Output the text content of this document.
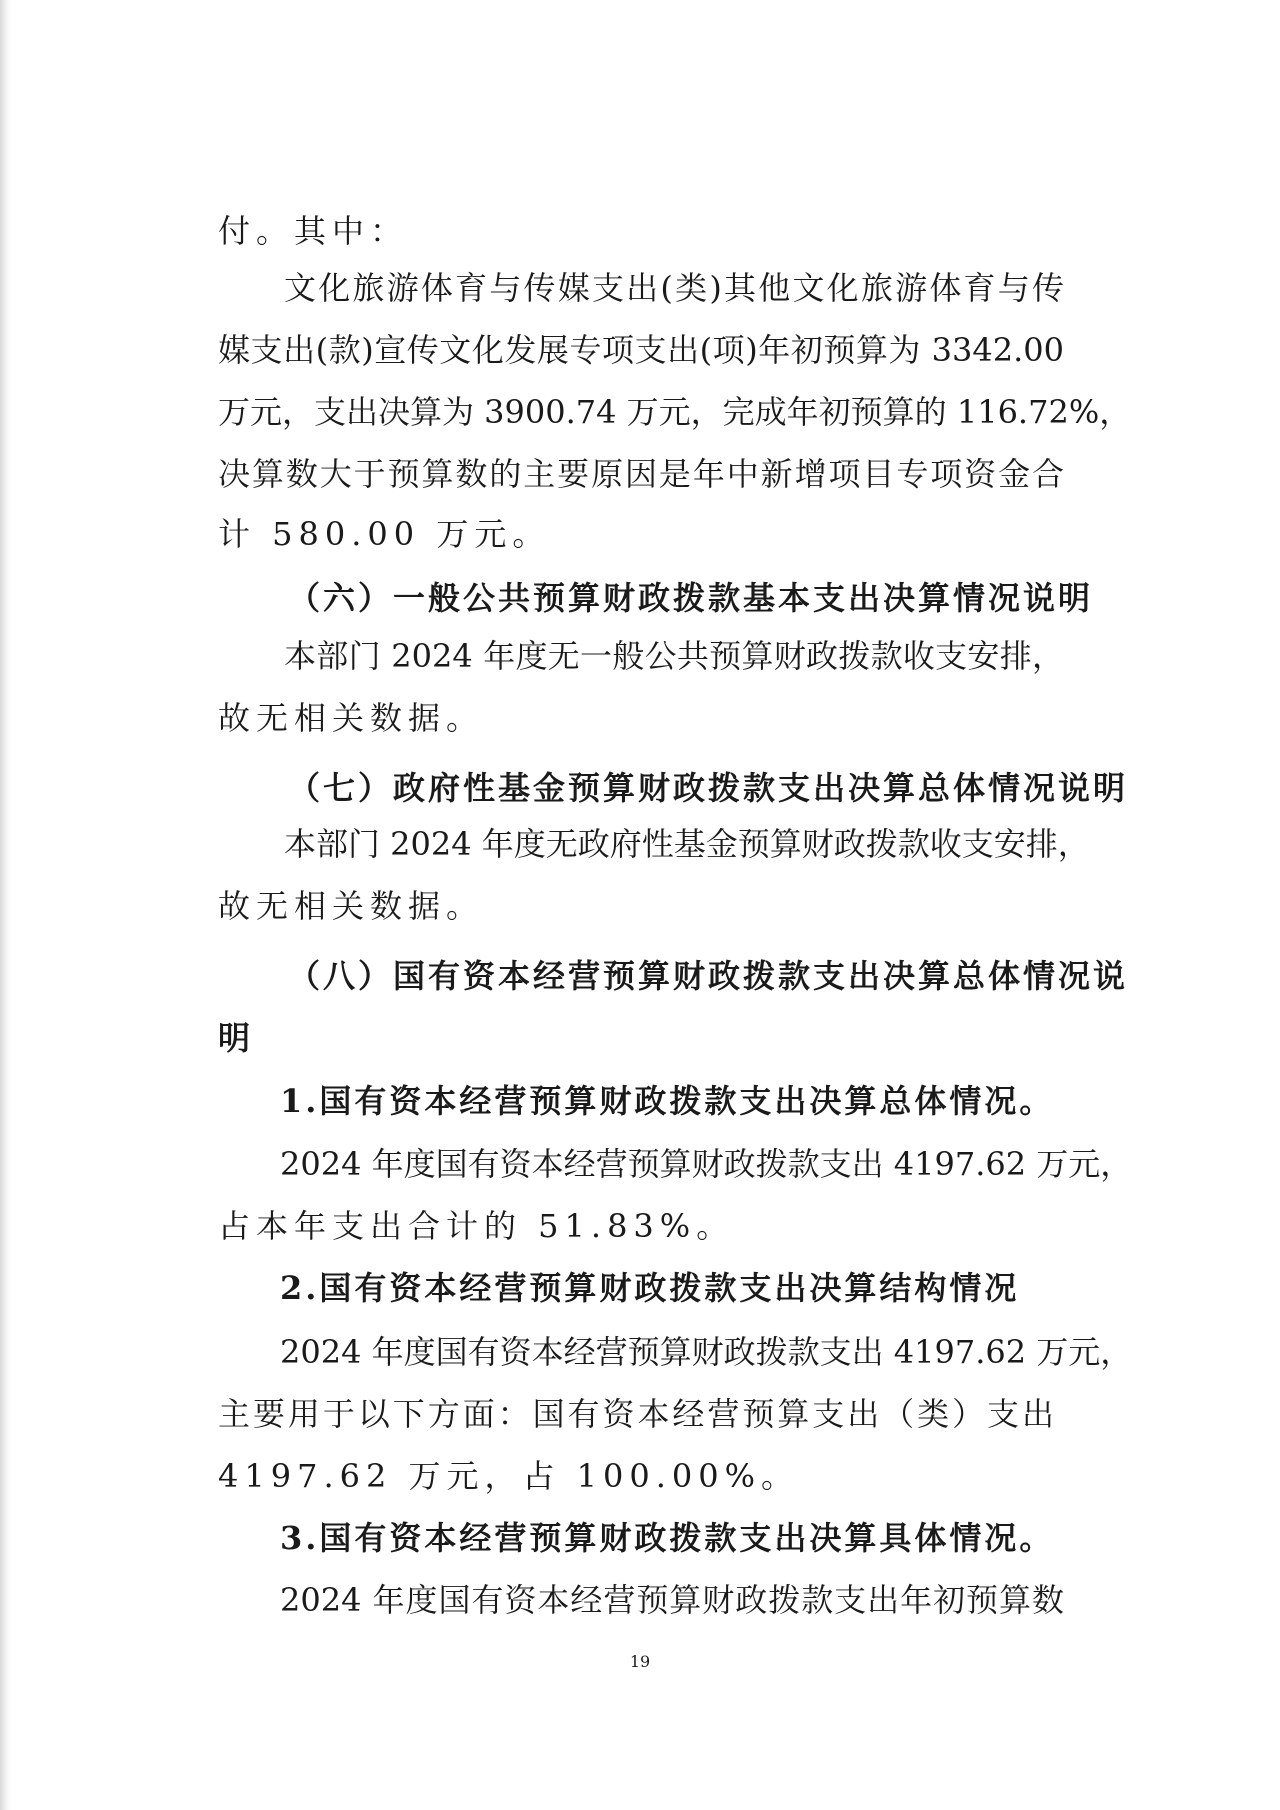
付。其中：
文化旅游体育与传媒支出(类)其他文化旅游体育与传
媒支出(款)宣传文化发展专项支出(项)年初预算为 3342.00
万元，支出决算为 3900.74 万元，完成年初预算的 116.72%，
决算数大于预算数的主要原因是年中新增项目专项资金合
计 580.00 万元。
（六）一般公共预算财政拨款基本支出决算情况说明
本部门 2024 年度无一般公共预算财政拨款收支安排，
故无相关数据。
（七）政府性基金预算财政拨款支出决算总体情况说明
本部门 2024 年度无政府性基金预算财政拨款收支安排，
故无相关数据。
（八）国有资本经营预算财政拨款支出决算总体情况说
明
1.国有资本经营预算财政拨款支出决算总体情况。
2024 年度国有资本经营预算财政拨款支出 4197.62 万元，
占本年支出合计的 51.83%。
2.国有资本经营预算财政拨款支出决算结构情况
2024 年度国有资本经营预算财政拨款支出 4197.62 万元，
主要用于以下方面：国有资本经营预算支出（类）支出
4197.62 万元，占 100.00%。
3.国有资本经营预算财政拨款支出决算具体情况。
2024 年度国有资本经营预算财政拨款支出年初预算数
19
